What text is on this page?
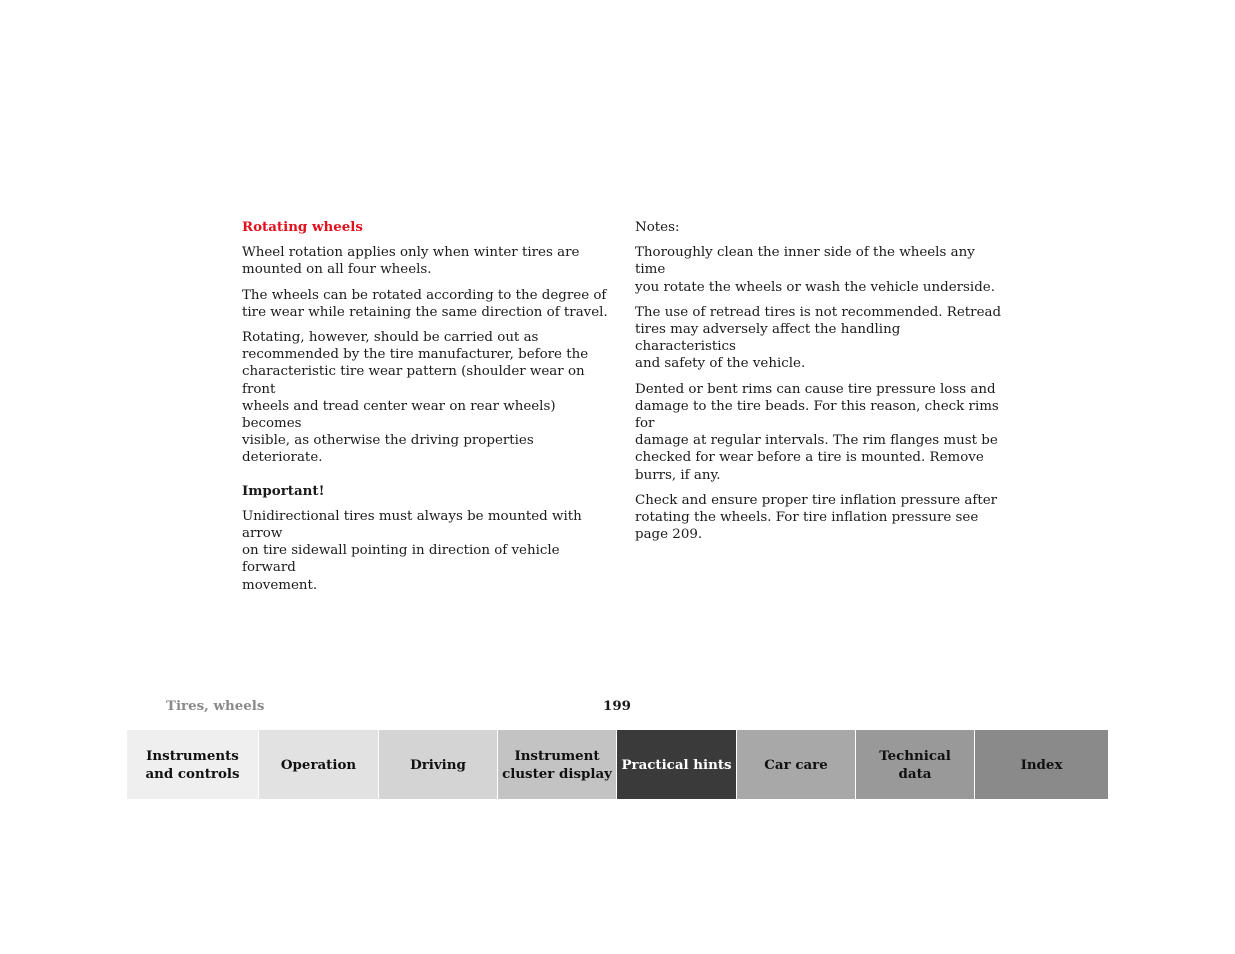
Rotating wheels

Wheel rotation applies only when winter tires are
mounted on all four wheels.

The wheels can be rotated according to the degree of
tire wear while retaining the same direction of travel.

Rotating, however, should be carried out as
recommended by the tire manufacturer, before the
characteristic tire wear pattern (shoulder wear on front
wheels and tread center wear on rear wheels) becomes
visible, as otherwise the driving properties deteriorate.

Important!

Unidirectional tires must always be mounted with arrow
on tire sidewall pointing in direction of vehicle forward
movement.

Notes:

Thoroughly clean the inner side of the wheels any time
you rotate the wheels or wash the vehicle underside.

The use of retread tires is not recommended. Retread
tires may adversely affect the handling characteristics
and safety of the vehicle.

Dented or bent rims can cause tire pressure loss and
damage to the tire beads. For this reason, check rims for
damage at regular intervals. The rim flanges must be
checked for wear before a tire is mounted. Remove
burrs, if any.

Check and ensure proper tire inflation pressure after
rotating the wheels. For tire inflation pressure see
page 209.

Tires, wheels	199
Instruments
and controls
Operation	Driving
Instrument
cluster display
Practical hints	Car care
Technical
data
Index
